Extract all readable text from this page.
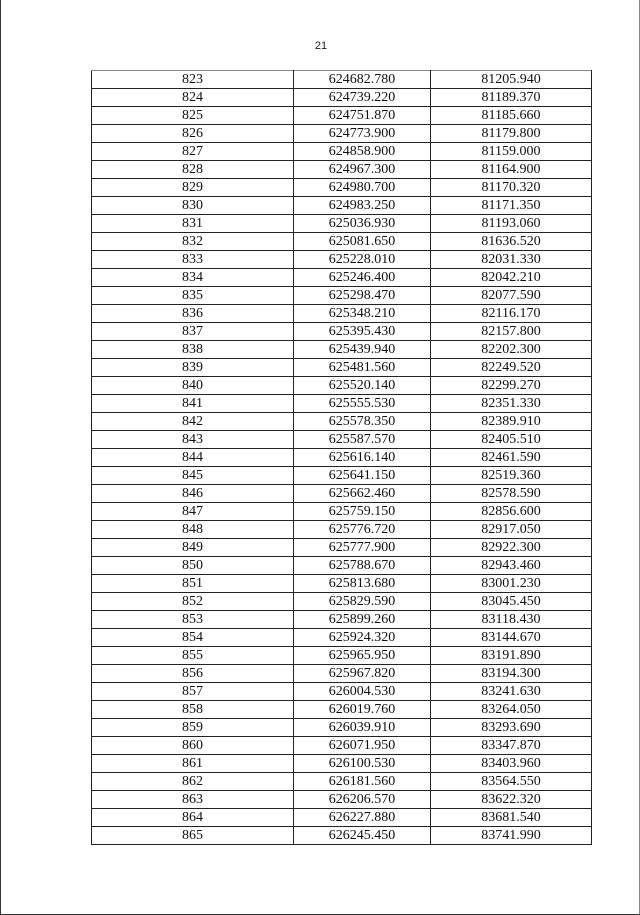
21
823	624682.780	81205.940
824	624739.220	81189.370
825	624751.870	81185.660
826	624773.900	81179.800
827	624858.900	81159.000
828	624967.300	81164.900
829	624980.700	81170.320
830	624983.250	81171.350
831	625036.930	81193.060
832	625081.650	81636.520
833	625228.010	82031.330
834	625246.400	82042.210
835	625298.470	82077.590
836	625348.210	82116.170
837	625395.430	82157.800
838	625439.940	82202.300
839	625481.560	82249.520
840	625520.140	82299.270
841	625555.530	82351.330
842	625578.350	82389.910
843	625587.570	82405.510
844	625616.140	82461.590
845	625641.150	82519.360
846	625662.460	82578.590
847	625759.150	82856.600
848	625776.720	82917.050
849	625777.900	82922.300
850	625788.670	82943.460
851	625813.680	83001.230
852	625829.590	83045.450
853	625899.260	83118.430
854	625924.320	83144.670
855	625965.950	83191.890
856	625967.820	83194.300
857	626004.530	83241.630
858	626019.760	83264.050
859	626039.910	83293.690
860	626071.950	83347.870
861	626100.530	83403.960
862	626181.560	83564.550
863	626206.570	83622.320
864	626227.880	83681.540
865	626245.450	83741.990
